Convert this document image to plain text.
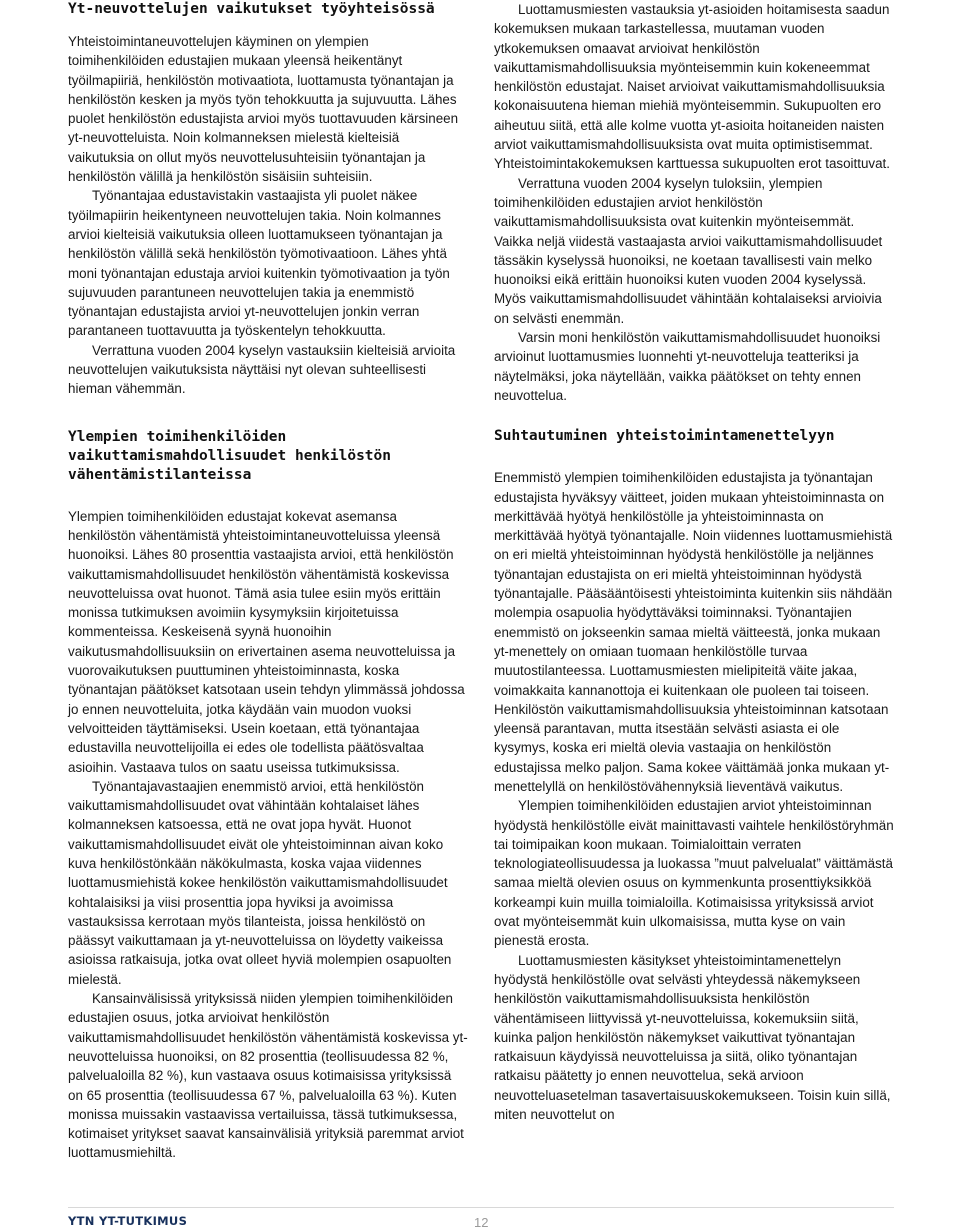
Yt-neuvottelujen vaikutukset työyhteisössä

Yhteistoimintaneuvottelujen käyminen on ylempien toimihenkilöiden edustajien mukaan yleensä heikentänyt työilmapiiriä, henkilöstön motivaatiota, luottamusta työnantajan ja henkilöstön kesken ja myös työn tehokkuutta ja sujuvuutta. Lähes puolet henkilöstön edustajista arvioi myös tuottavuuden kärsineen yt-neuvotteluista. Noin kolmanneksen mielestä kielteisiä vaikutuksia on ollut myös neuvottelusuhteisiin työnantajan ja henkilöstön välillä ja henkilöstön sisäisiin suhteisiin.

Työnantajaa edustavistakin vastaajista yli puolet näkee työilmapiirin heikentyneen neuvottelujen takia. Noin kolmannes arvioi kielteisiä vaikutuksia olleen luottamukseen työnantajan ja henkilöstön välillä sekä henkilöstön työmotivaatioon. Lähes yhtä moni työnantajan edustaja arvioi kuitenkin työmotivaation ja työn sujuvuuden parantuneen neuvottelujen takia ja enemmistö työnantajan edustajista arvioi yt-neuvottelujen jonkin verran parantaneen tuottavuutta ja työskentelyn tehokkuutta.

Verrattuna vuoden 2004 kyselyn vastauksiin kielteisiä arvioita neuvottelujen vaikutuksista näyttäisi nyt olevan suhteellisesti hieman vähemmän.

Ylempien toimihenkilöiden vaikuttamismahdollisuudet henkilöstön vähentämistilanteissa

Ylempien toimihenkilöiden edustajat kokevat asemansa henkilöstön vähentämistä yhteistoimintaneuvotteluissa yleensä huonoiksi. Lähes 80 prosenttia vastaajista arvioi, että henkilöstön vaikuttamismahdollisuudet henkilöstön vähentämistä koskevissa neuvotteluissa ovat huonot. Tämä asia tulee esiin myös erittäin monissa tutkimuksen avoimiin kysymyksiin kirjoitetuissa kommenteissa. Keskeisenä syynä huonoihin vaikutusmahdollisuuksiin on erivertainen asema neuvotteluissa ja vuorovaikutuksen puuttuminen yhteistoiminnasta, koska työnantajan päätökset katsotaan usein tehdyn ylimmässä johdossa jo ennen neuvotteluita, jotka käydään vain muodon vuoksi velvoitteiden täyttämiseksi. Usein koetaan, että työnantajaa edustavilla neuvottelijoilla ei edes ole todellista päätösvaltaa asioihin. Vastaava tulos on saatu useissa tutkimuksissa.

Työnantajavastaajien enemmistö arvioi, että henkilöstön vaikuttamismahdollisuudet ovat vähintään kohtalaiset lähes kolmanneksen katsoessa, että ne ovat jopa hyvät. Huonot vaikuttamismahdollisuudet eivät ole yhteistoiminnan aivan koko kuva henkilöstönkään näkökulmasta, koska vajaa viidennes luottamusmiehistä kokee henkilöstön vaikuttamismahdollisuudet kohtalaisiksi ja viisi prosenttia jopa hyviksi ja avoimissa vastauksissa kerrotaan myös tilanteista, joissa henkilöstö on päässyt vaikuttamaan ja yt-neuvotteluissa on löydetty vaikeissa asioissa ratkaisuja, jotka ovat olleet hyviä molempien osapuolten mielestä.

Kansainvälisissä yrityksissä niiden ylempien toimihenkilöiden edustajien osuus, jotka arvioivat henkilöstön vaikuttamismahdollisuudet henkilöstön vähentämistä koskevissa yt-neuvotteluissa huonoiksi, on 82 prosenttia (teollisuudessa 82 %, palvelualoilla 82 %), kun vastaava osuus kotimaisissa yrityksissä on 65 prosenttia (teollisuudessa 67 %, palvelualoilla 63 %). Kuten monissa muissakin vastaavissa vertailuissa, tässä tutkimuksessa, kotimaiset yritykset saavat kansainvälisiä yrityksiä paremmat arviot luottamusmiehiltä.

Luottamusmiesten vastauksia yt-asioiden hoitamisesta saadun kokemuksen mukaan tarkastellessa, muutaman vuoden ytkokemuksen omaavat arvioivat henkilöstön vaikuttamismahdollisuuksia myönteisemmin kuin kokeneemmat henkilöstön edustajat. Naiset arvioivat vaikuttamismahdollisuuksia kokonaisuutena hieman miehiä myönteisemmin. Sukupuolten ero aiheutuu siitä, että alle kolme vuotta yt-asioita hoitaneiden naisten arviot vaikuttamismahdollisuuksista ovat muita optimistisemmat. Yhteistoimintakokemuksen karttuessa sukupuolten erot tasoittuvat.

Verrattuna vuoden 2004 kyselyn tuloksiin, ylempien toimihenkilöiden edustajien arviot henkilöstön vaikuttamismahdollisuuksista ovat kuitenkin myönteisemmät. Vaikka neljä viidestä vastaajasta arvioi vaikuttamismahdollisuudet tässäkin kyselyssä huonoiksi, ne koetaan tavallisesti vain melko huonoiksi eikä erittäin huonoiksi kuten vuoden 2004 kyselyssä. Myös vaikuttamismahdollisuudet vähintään kohtalaiseksi arvioivia on selvästi enemmän.

Varsin moni henkilöstön vaikuttamismahdollisuudet huonoiksi arvioinut luottamusmies luonnehti yt-neuvotteluja teatteriksi ja näytelmäksi, joka näytellään, vaikka päätökset on tehty ennen neuvottelua.

Suhtautuminen yhteistoimintamenettelyyn

Enemmistö ylempien toimihenkilöiden edustajista ja työnantajan edustajista hyväksyy väitteet, joiden mukaan yhteistoiminnasta on merkittävää hyötyä henkilöstölle ja yhteistoiminnasta on merkittävää hyötyä työnantajalle. Noin viidennes luottamusmiehistä on eri mieltä yhteistoiminnan hyödystä henkilöstölle ja neljännes työnantajan edustajista on eri mieltä yhteistoiminnan hyödystä työnantajalle. Pääsääntöisesti yhteistoiminta kuitenkin siis nähdään molempia osapuolia hyödyttäväksi toiminnaksi. Työnantajien enemmistö on jokseenkin samaa mieltä väitteestä, jonka mukaan yt-menettely on omiaan tuomaan henkilöstölle turvaa muutostilanteessa. Luottamusmiesten mielipiteitä väite jakaa, voimakkaita kannanottoja ei kuitenkaan ole puoleen tai toiseen. Henkilöstön vaikuttamismahdollisuuksia yhteistoiminnan katsotaan yleensä parantavan, mutta itsestään selvästi asiasta ei ole kysymys, koska eri mieltä olevia vastaajia on henkilöstön edustajissa melko paljon. Sama kokee väittämää jonka mukaan yt-menettelyllä on henkilöstövähennyksiä lieventävä vaikutus.

Ylempien toimihenkilöiden edustajien arviot yhteistoiminnan hyödystä henkilöstölle eivät mainittavasti vaihtele henkilöstöryhmän tai toimipaikan koon mukaan. Toimialoittain verraten teknologiateollisuudessa ja luokassa ”muut palvelualat” väittämästä samaa mieltä olevien osuus on kymmenkunta prosenttiyksikköä korkeampi kuin muilla toimialoilla. Kotimaisissa yrityksissä arviot ovat myönteisemmät kuin ulkomaisissa, mutta kyse on vain pienestä erosta.

Luottamusmiesten käsitykset yhteistoimintamenettelyn hyödystä henkilöstölle ovat selvästi yhteydessä näkemykseen henkilöstön vaikuttamismahdollisuuksista henkilöstön vähentämiseen liittyvissä yt-neuvotteluissa, kokemuksiin siitä, kuinka paljon henkilöstön näkemykset vaikuttivat työnantajan ratkaisuun käydyissä neuvotteluissa ja siitä, oliko työnantajan ratkaisu päätetty jo ennen neuvottelua, sekä arvioon neuvotteluasetelman tasavertaisuuskokemukseen. Toisin kuin sillä, miten neuvottelut on

YTN YT-TUTKIMUS	12
